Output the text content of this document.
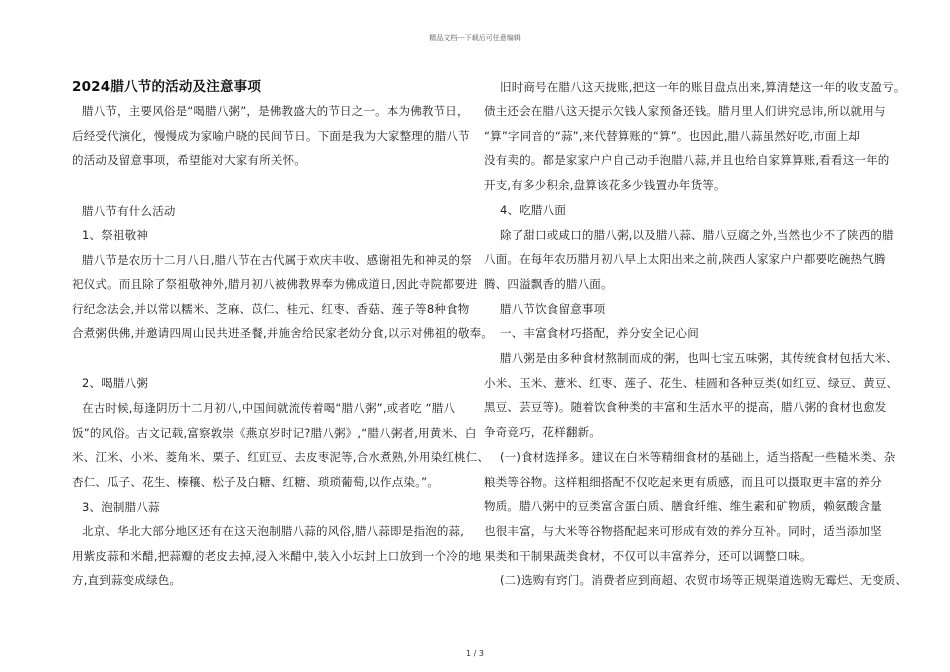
精品文档---下载后可任意编辑
2024腊八节的活动及注意事项
腊八节，主要风俗是“喝腊八粥”，是佛教盛大的节日之一。本为佛教节日，
后经受代演化，慢慢成为家喻户晓的民间节日。下面是我为大家整理的腊八节
的活动及留意事项，希望能对大家有所关怀。
腊八节有什么活动
1、祭祖敬神
腊八节是农历十二月八日,腊八节在古代属于欢庆丰收、感谢祖先和神灵的祭
祀仪式。而且除了祭祖敬神外,腊月初八被佛教界奉为佛成道日,因此寺院都要进
行纪念法会,并以常以糯米、芝麻、苡仁、桂元、红枣、香菇、莲子等8种食物
合煮粥供佛,并邀请四周山民共进圣餐,并施舍给民家老幼分食,以示对佛祖的敬奉。
2、喝腊八粥
在古时候,每逢阴历十二月初八,中国间就流传着喝“腊八粥”,或者吃 “腊八
饭”的风俗。古文记载,富察敦崇《燕京岁时记?腊八粥》,“腊八粥者,用黄米、白
米、江米、小米、菱角米、栗子、红豇豆、去皮枣泥等,合水煮熟,外用染红桃仁、
杏仁、瓜子、花生、榛穰、松子及白糖、红糖、琐琐葡萄,以作点染。”。
3、泡制腊八蒜
北京、华北大部分地区还有在这天泡制腊八蒜的风俗,腊八蒜即是指泡的蒜,
用紫皮蒜和米醋,把蒜瓣的老皮去掉,浸入米醋中,装入小坛封上口放到一个冷的地
方,直到蒜变成绿色。
旧时商号在腊八这天拢账,把这一年的账目盘点出来,算清楚这一年的收支盈亏。
债主还会在腊八这天提示欠钱人家预备还钱。腊月里人们讲究忌讳,所以就用与
“算”字同音的“蒜”,来代替算账的“算”。也因此,腊八蒜虽然好吃,市面上却
没有卖的。都是家家户户自己动手泡腊八蒜,并且也给自家算算账,看看这一年的
开支,有多少积余,盘算该花多少钱置办年货等。
4、吃腊八面
除了甜口或咸口的腊八粥,以及腊八蒜、腊八豆腐之外,当然也少不了陕西的腊
八面。在每年农历腊月初八早上太阳出来之前,陕西人家家户户都要吃碗热气腾
腾、四溢飘香的腊八面。
腊八节饮食留意事项
一、丰富食材巧搭配，养分安全记心间
腊八粥是由多种食材熬制而成的粥，也叫七宝五味粥，其传统食材包括大米、
小米、玉米、薏米、红枣、莲子、花生、桂圆和各种豆类(如红豆、绿豆、黄豆、
黑豆、芸豆等)。随着饮食种类的丰富和生活水平的提高，腊八粥的食材也愈发
争奇竞巧，花样翻新。
(一)食材选择多。建议在白米等精细食材的基础上，适当搭配一些糙米类、杂
粮类等谷物。这样粗细搭配不仅吃起来更有质感，而且可以摄取更丰富的养分
物质。腊八粥中的豆类富含蛋白质、膳食纤维、维生素和矿物质，赖氨酸含量
也很丰富，与大米等谷物搭配起来可形成有效的养分互补。同时，适当添加坚
果类和干制果蔬类食材，不仅可以丰富养分，还可以调整口味。
(二)选购有窍门。消费者应到商超、农贸市场等正规渠道选购无霉烂、无变质、
1 / 3
